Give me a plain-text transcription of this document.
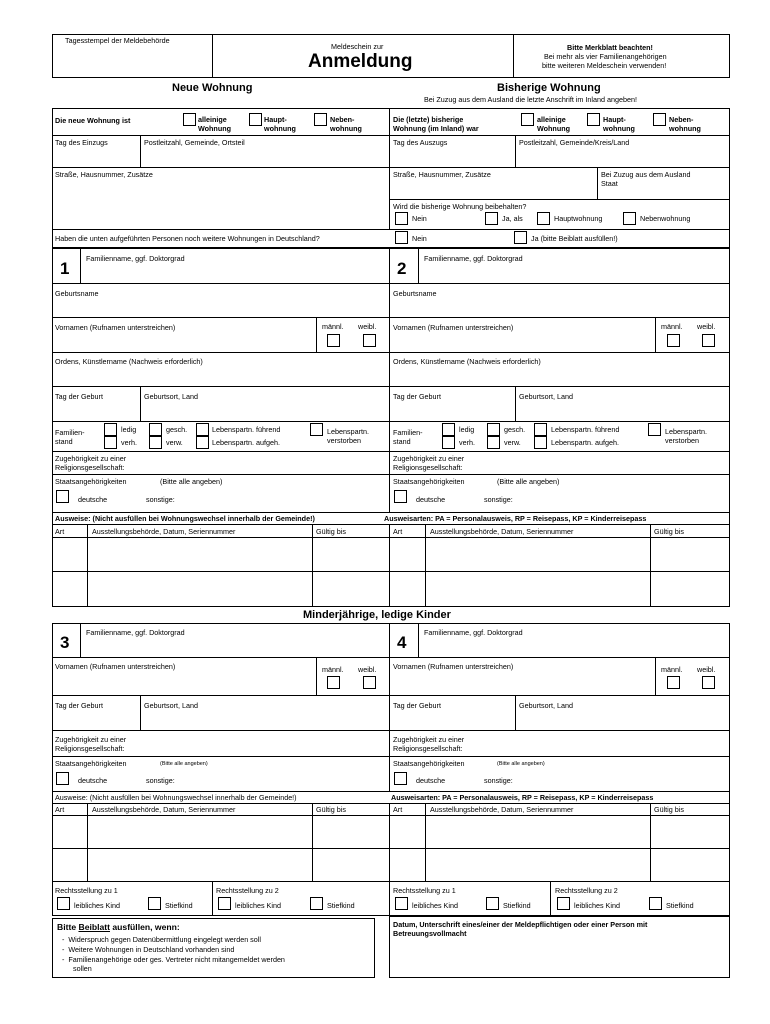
Tagesstempel der Meldebehörde
Meldeschein zur
Anmeldung
Bitte Merkblatt beachten!
Bei mehr als vier Familienangehörigen
bitte weiteren Meldeschein verwenden!
Neue Wohnung	Bisherige Wohnung
Bei Zuzug aus dem Ausland die letzte Anschrift im Inland angeben!
Die neue Wohnung ist	alleinige
Wohnung
Haupt-
wohnung
Neben-
wohnung
Die (letzte) bisherige
Wohnung (im Inland) war
alleinige
Wohnung
Haupt-
wohnung
Neben-
wohnung
Tag des Einzugs	Postleitzahl, Gemeinde, Ortsteil	Tag des Auszugs	Postleitzahl, Gemeinde/Kreis/Land
Straße, Hausnummer, Zusätze	Straße, Hausnummer, Zusätze	Bei Zuzug aus dem Ausland
Staat
Wird die bisherige Wohnung beibehalten?
Nein	Ja, als	Hauptwohnung	Nebenwohnung
Haben die unten aufgeführten Personen noch weitere Wohnungen in Deutschland?	Nein	Ja (bitte Beiblatt ausfüllen!)
1	2
Familienname, ggf. Doktorgrad	Familienname, ggf. Doktorgrad
Geburtsname	Geburtsname
Vornamen (Rufnamen unterstreichen)	männl. weibl. Vornamen (Rufnamen unterstreichen)	männl. weibl.
Ordens, Künstlername (Nachweis erforderlich)	Ordens, Künstlername (Nachweis erforderlich)
Tag der Geburt	Geburtsort, Land	Tag der Geburt	Geburtsort, Land
Familien-
stand
ledig
verh.
gesch.
verw.
Lebenspartn. führend
Lebenspartn. aufgeh.
Lebenspartn.
verstorben
Familien-
stand
ledig
verh.
gesch.
verw.
Lebenspartn. führend
Lebenspartn. aufgeh.
Lebenspartn.
verstorben
Zugehörigkeit zu einer
Religionsgesellschaft:
Zugehörigkeit zu einer
Religionsgesellschaft:
Staatsangehörigkeiten	(Bitte alle angeben)
deutsche	sonstige:
Staatsangehörigkeiten	(Bitte alle angeben)
deutsche	sonstige:
Ausweise: (Nicht ausfüllen bei Wohnungswechsel innerhalb der Gemeinde!)	Ausweisarten: PA = Personalausweis, RP = Reisepass, KP = Kinderreisepass
Art	Ausstellungsbehörde, Datum, Seriennummer	Gültig bis	Art	Ausstellungsbehörde, Datum, Seriennummer	Gültig bis
Minderjährige, ledige Kinder
3	4
Familienname, ggf. Doktorgrad	Familienname, ggf. Doktorgrad
Vornamen (Rufnamen unterstreichen)	männl. weibl. Vornamen (Rufnamen unterstreichen)	männl. weibl.
Tag der Geburt	Geburtsort, Land	Tag der Geburt	Geburtsort, Land
Zugehörigkeit zu einer
Religionsgesellschaft:
Zugehörigkeit zu einer
Religionsgesellschaft:
Staatsangehörigkeiten	(Bitte alle angeben)
deutsche	sonstige:
Staatsangehörigkeiten	(Bitte alle angeben)
deutsche	sonstige:
Ausweise: (Nicht ausfüllen bei Wohnungswechsel innerhalb der Gemeinde!)	Ausweisarten: PA = Personalausweis, RP = Reisepass, KP = Kinderreisepass
Art	Ausstellungsbehörde, Datum, Seriennummer	Gültig bis	Art	Ausstellungsbehörde, Datum, Seriennummer	Gültig bis
Rechtsstellung zu 1
leibliches Kind	Stiefkind
Rechtsstellung zu 2
leibliches Kind	Stiefkind
Rechtsstellung zu 1
leibliches Kind	Stiefkind
Rechtsstellung zu 2
leibliches Kind	Stiefkind
Bitte Beiblatt ausfüllen, wenn:
-  Widerspruch gegen Datenübermittlung eingelegt werden soll
-  Weitere Wohnungen in Deutschland vorhanden sind
-  Familienangehörige oder ges. Vertreter nicht mitangemeldet werden
sollen
Datum, Unterschrift eines/einer der Meldepflichtigen oder einer Person mit
Betreuungsvollmacht
